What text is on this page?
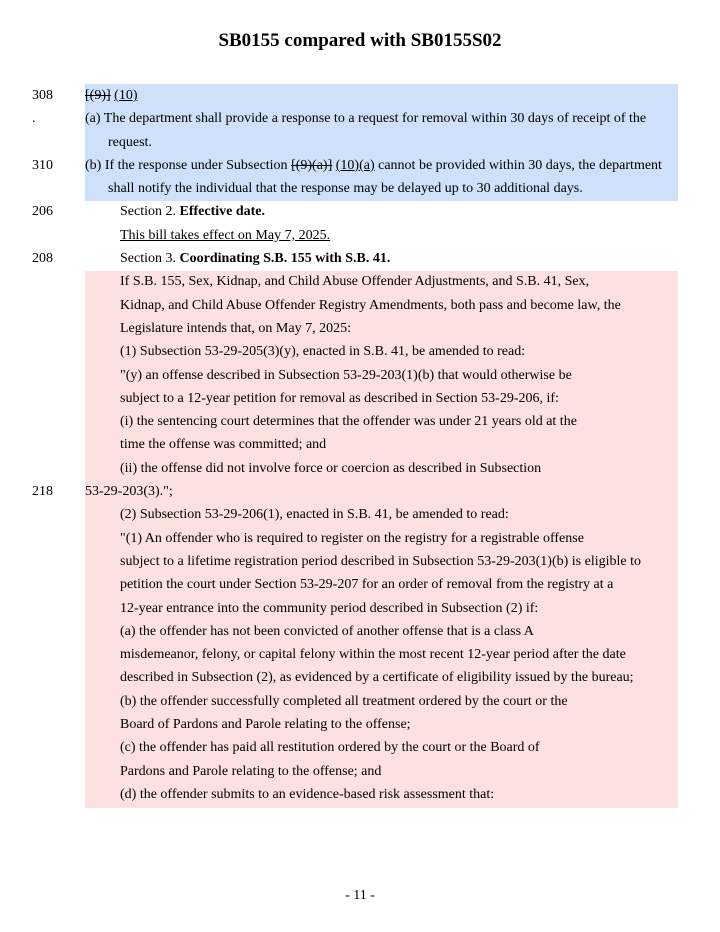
SB0155 compared with SB0155S02
308	[(9)] (10)
.	(a) The department shall provide a response to a request for removal within 30 days of receipt of the
request.
310	(b) If the response under Subsection [(9)(a)] (10)(a) cannot be provided within 30 days, the department
shall notify the individual that the response may be delayed up to 30 additional days.
206	Section 2. Effective date.
This bill takes effect on May 7, 2025.
208	Section 3. Coordinating S.B. 155 with S.B. 41.
If S.B. 155, Sex, Kidnap, and Child Abuse Offender Adjustments, and S.B. 41, Sex,
Kidnap, and Child Abuse Offender Registry Amendments, both pass and become law, the
Legislature intends that, on May 7, 2025:
(1) Subsection 53-29-205(3)(y), enacted in S.B. 41, be amended to read:
"(y) an offense described in Subsection 53-29-203(1)(b) that would otherwise be
subject to a 12-year petition for removal as described in Section 53-29-206, if:
(i) the sentencing court determines that the offender was under 21 years old at the
time the offense was committed; and
(ii) the offense did not involve force or coercion as described in Subsection
218	53-29-203(3).";
(2) Subsection 53-29-206(1), enacted in S.B. 41, be amended to read:
"(1) An offender who is required to register on the registry for a registrable offense
subject to a lifetime registration period described in Subsection 53-29-203(1)(b) is eligible to
petition the court under Section 53-29-207 for an order of removal from the registry at a
12-year entrance into the community period described in Subsection (2) if:
(a) the offender has not been convicted of another offense that is a class A
misdemeanor, felony, or capital felony within the most recent 12-year period after the date
described in Subsection (2), as evidenced by a certificate of eligibility issued by the bureau;
(b) the offender successfully completed all treatment ordered by the court or the
Board of Pardons and Parole relating to the offense;
(c) the offender has paid all restitution ordered by the court or the Board of
Pardons and Parole relating to the offense; and
(d) the offender submits to an evidence-based risk assessment that:
- 11 -
